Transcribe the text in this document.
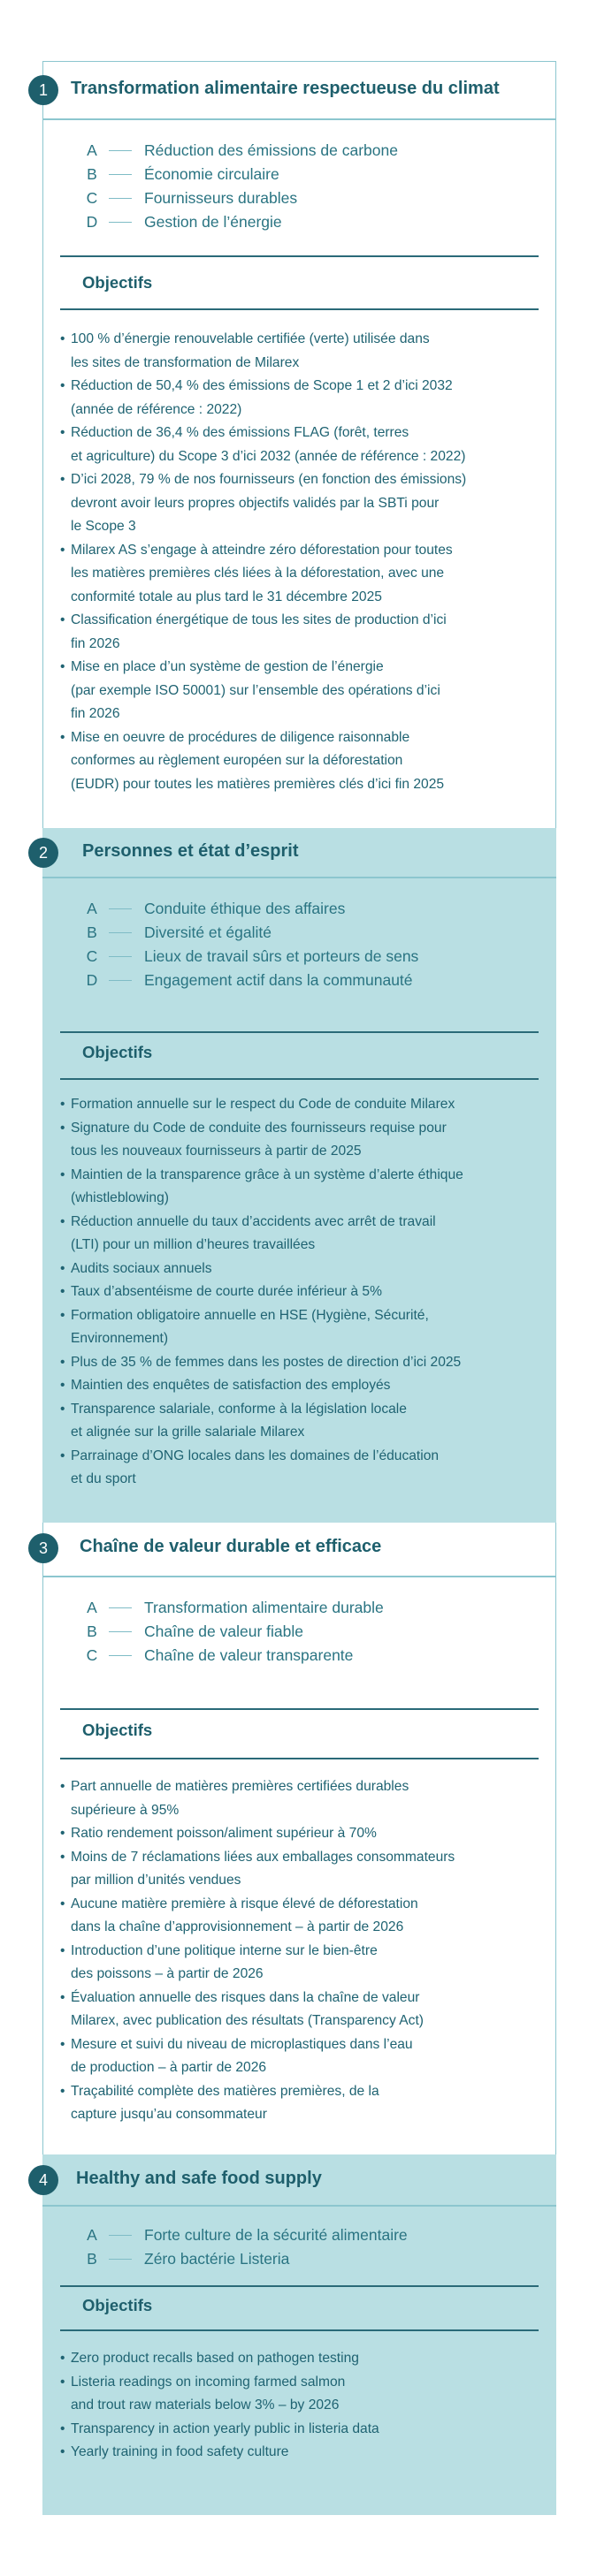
1	Transformation alimentaire respectueuse du climat
A	Réduction des émissions de carbone
B	Économie circulaire
C	Fournisseurs durables
D	Gestion de l’énergie
Objectifs
• 100 % d’énergie renouvelable certifiée (verte) utilisée dans
les sites de transformation de Milarex
• Réduction de 50,4 % des émissions de Scope 1 et 2 d’ici 2032
(année de référence : 2022)
• Réduction de 36,4 % des émissions FLAG (forêt, terres
et agriculture) du Scope 3 d’ici 2032 (année de référence : 2022)
• D’ici 2028, 79 % de nos fournisseurs (en fonction des émissions)
devront avoir leurs propres objectifs validés par la SBTi pour
le Scope 3
• Milarex AS s’engage à atteindre zéro déforestation pour toutes
les matières premières clés liées à la déforestation, avec une
conformité totale au plus tard le 31 décembre 2025
• Classification énergétique de tous les sites de production d’ici
fin 2026
• Mise en place d’un système de gestion de l’énergie
(par exemple ISO 50001) sur l’ensemble des opérations d’ici
fin 2026
• Mise en oeuvre de procédures de diligence raisonnable
conformes au règlement européen sur la déforestation
(EUDR) pour toutes les matières premières clés d’ici fin 2025
2	Personnes et état d’esprit
A	Conduite éthique des affaires
B	Diversité et égalité
C	Lieux de travail sûrs et porteurs de sens
D	Engagement actif dans la communauté
Objectifs
• Formation annuelle sur le respect du Code de conduite Milarex
• Signature du Code de conduite des fournisseurs requise pour
tous les nouveaux fournisseurs à partir de 2025
• Maintien de la transparence grâce à un système d’alerte éthique
(whistleblowing)
• Réduction annuelle du taux d’accidents avec arrêt de travail
(LTI) pour un million d’heures travaillées
• Audits sociaux annuels
• Taux d’absentéisme de courte durée inférieur à 5%
• Formation obligatoire annuelle en HSE (Hygiène, Sécurité,
Environnement)
• Plus de 35 % de femmes dans les postes de direction d’ici 2025
• Maintien des enquêtes de satisfaction des employés
• Transparence salariale, conforme à la législation locale
et alignée sur la grille salariale Milarex
• Parrainage d’ONG locales dans les domaines de l’éducation
et du sport
3	Chaîne de valeur durable et efficace
A	Transformation alimentaire durable
B	Chaîne de valeur fiable
C	Chaîne de valeur transparente
Objectifs
• Part annuelle de matières premières certifiées durables
supérieure à 95%
• Ratio rendement poisson/aliment supérieur à 70%
• Moins de 7 réclamations liées aux emballages consommateurs
par million d’unités vendues
• Aucune matière première à risque élevé de déforestation
dans la chaîne d’approvisionnement – à partir de 2026
• Introduction d’une politique interne sur le bien-être
des poissons – à partir de 2026
• Évaluation annuelle des risques dans la chaîne de valeur
Milarex, avec publication des résultats (Transparency Act)
• Mesure et suivi du niveau de microplastiques dans l’eau
de production – à partir de 2026
• Traçabilité complète des matières premières, de la
capture jusqu’au consommateur
4	Healthy and safe food supply
A	Forte culture de la sécurité alimentaire
B	Zéro bactérie Listeria
Objectifs
• Zero product recalls based on pathogen testing
• Listeria readings on incoming farmed salmon
and trout raw materials below 3% – by 2026
• Transparency in action yearly public in listeria data
• Yearly training in food safety culture
